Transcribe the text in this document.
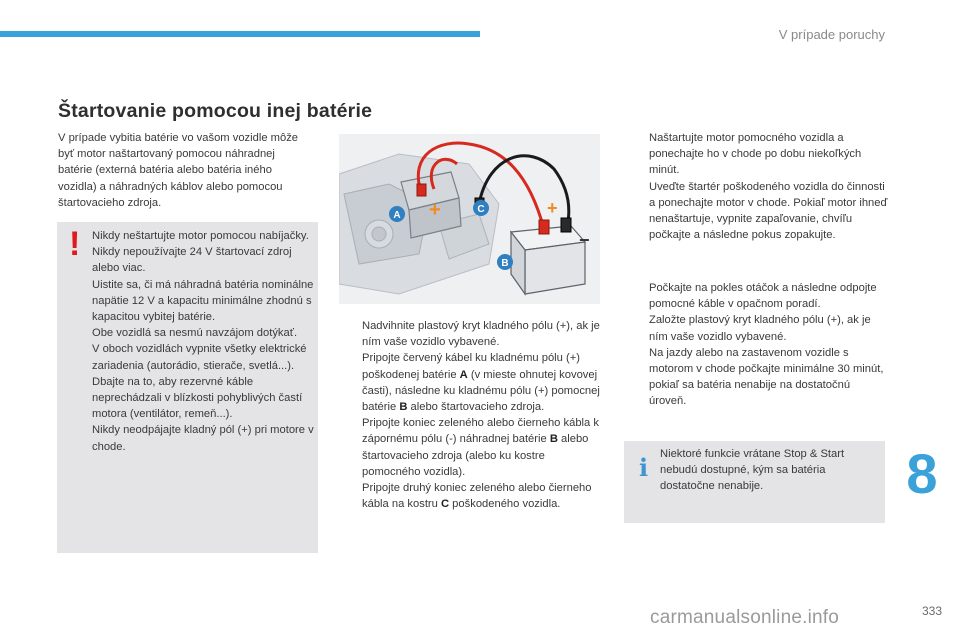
V prípade poruchy
Štartovanie pomocou inej batérie

V prípade vybitia batérie vo vašom vozidle môže byť motor naštartovaný pomocou náhradnej batérie (externá batéria alebo batéria iného vozidla) a náhradných káblov alebo pomocou štartovacieho zdroja.

! Nikdy neštartujte motor pomocou nabíjačky.
Nikdy nepoužívajte 24 V štartovací zdroj alebo viac.
Uistite sa, či má náhradná batéria nominálne napätie 12 V a kapacitu minimálne zhodnú s kapacitou vybitej batérie.
Obe vozidlá sa nesmú navzájom dotýkať.
V oboch vozidlách vypnite všetky elektrické zariadenia (autorádio, stierače, svetlá...).
Dbajte na to, aby rezervné káble neprechádzali v blízkosti pohyblivých častí motora (ventilátor, remeň...).
Nikdy neodpájajte kladný pól (+) pri motore v chode.
+	+
−
A
C
B
Nadvihnite plastový kryt kladného pólu (+), ak je ním vaše vozidlo vybavené.
Pripojte červený kábel ku kladnému pólu (+) poškodenej batérie A (v mieste ohnutej kovovej časti), následne ku kladnému pólu (+) pomocnej batérie B alebo štartovacieho zdroja.
Pripojte koniec zeleného alebo čierneho kábla k zápornému pólu (-) náhradnej batérie B alebo štartovacieho zdroja (alebo ku kostre pomocného vozidla).
Pripojte druhý koniec zeleného alebo čierneho kábla na kostru C poškodeného vozidla.
Naštartujte motor pomocného vozidla a ponechajte ho v chode po dobu niekoľkých minút.
Uveďte štartér poškodeného vozidla do činnosti a ponechajte motor v chode. Pokiaľ motor ihneď nenaštartuje, vypnite zapaľovanie, chvíľu počkajte a následne pokus zopakujte.
Počkajte na pokles otáčok a následne odpojte pomocné káble v opačnom poradí.
Založte plastový kryt kladného pólu (+), ak je ním vaše vozidlo vybavené.
Na jazdy alebo na zastavenom vozidle s motorom v chode počkajte minimálne 30 minút, pokiaľ sa batéria nenabije na dostatočnú úroveň.
i Niektoré funkcie vrátane Stop & Start nebudú dostupné, kým sa batéria dostatočne nenabije.	8
carmanualsonline.info	333
